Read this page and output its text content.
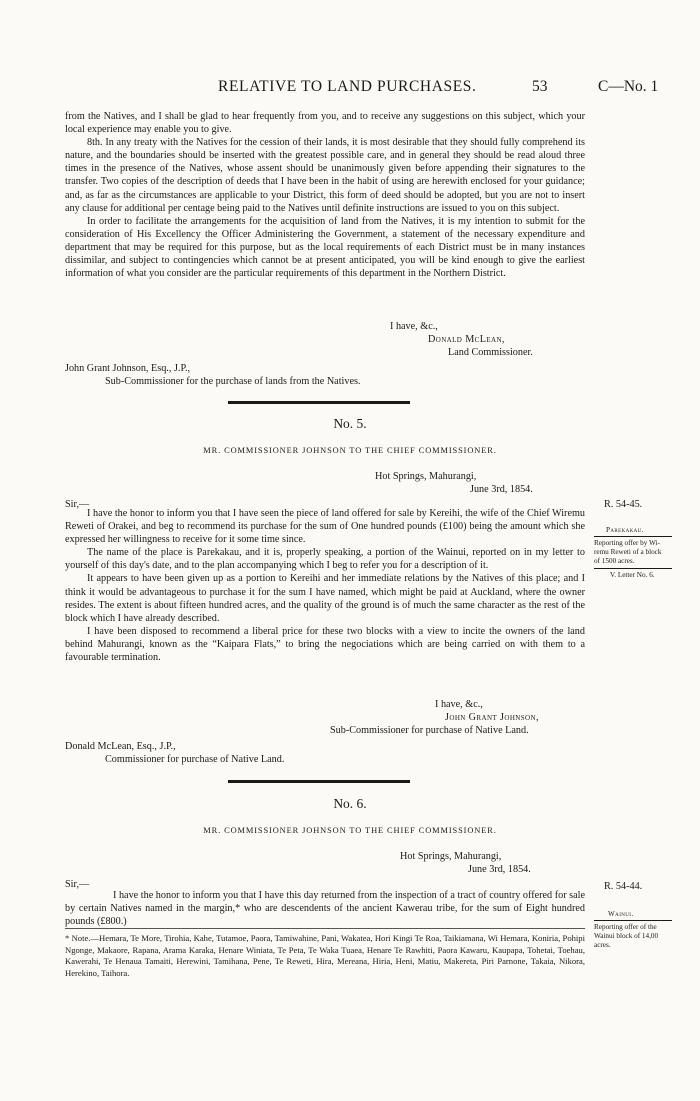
RELATIVE TO LAND PURCHASES.	53	C—No. 1

from the Natives, and I shall be glad to hear frequently from you, and to receive any suggestions on this subject, which your local experience may enable you to give.

8th. In any treaty with the Natives for the cession of their lands, it is most desirable that they should fully comprehend its nature, and the boundaries should be inserted with the greatest possible care, and in general they should be read aloud three times in the presence of the Natives, whose assent should be unanimously given before appending their signatures to the transfer. Two copies of the description of deeds that I have been in the habit of using are herewith enclosed for your guidance; and, as far as the circumstances are applicable to your District, this form of deed should be adopted, but you are not to insert any clause for additional per centage being paid to the Natives until definite instructions are issued to you on this subject.

In order to facilitate the arrangements for the acquisition of land from the Natives, it is my intention to submit for the consideration of His Excellency the Officer Administering the Government, a statement of the necessary expenditure and department that may be required for this purpose, but as the local requirements of each District must be in many instances dissimilar, and subject to contingencies which cannot be at present anticipated, you will be kind enough to give the earliest information of what you consider are the particular requirements of this department in the Northern District.

I have, &c.,
Donald McLean,
Land Commissioner.
John Grant Johnson, Esq., J.P.,
Sub-Commissioner for the purchase of lands from the Natives.
No. 5.
MR. COMMISSIONER JOHNSON TO THE CHIEF COMMISSIONER.
Hot Springs, Mahurangi,
June 3rd, 1854.
Sir,—

I have the honor to inform you that I have seen the piece of land offered for sale by Kereihi, the wife of the Chief Wiremu Reweti of Orakei, and beg to recommend its purchase for the sum of One hundred pounds (£100) being the amount which she expressed her willingness to receive for it some time since.

The name of the place is Parekakau, and it is, properly speaking, a portion of the Wainui, reported on in my letter to yourself of this day's date, and to the plan accompanying which I beg to refer you for a description of it.

It appears to have been given up as a portion to Kereihi and her immediate relations by the Natives of this place; and I think it would be advantageous to purchase it for the sum I have named, which might be paid at Auckland, where the owner resides. The extent is about fifteen hundred acres, and the quality of the ground is of much the same character as the rest of the block which I have already described.

I have been disposed to recommend a liberal price for these two blocks with a view to incite the owners of the land behind Mahurangi, known as the “Kaipara Flats,” to bring the negociations which are being carried on with them to a favourable termination.

I have, &c.,
John Grant Johnson,
Sub-Commissioner for purchase of Native Land.
Donald McLean, Esq., J.P.,
Commissioner for purchase of Native Land.
R. 54-45.
Parekakau.
Reporting offer by Wi-
remu Reweti of a block
of 1500 acres.
V. Letter No. 6.
No. 6.
MR. COMMISSIONER JOHNSON TO THE CHIEF COMMISSIONER.
Hot Springs, Mahurangi,
June 3rd, 1854.
Sir,—

I have the honor to inform you that I have this day returned from the inspection of a tract of country offered for sale by certain Natives named in the margin,* who are descendents of the ancient Kawerau tribe, for the sum of Eight hundred pounds (£800.)

R. 54-44.
Wainui.
Reporting offer of the
Wainui block of 14,00
acres.
* Note.—Hemara, Te More, Tirohia, Kahe, Tutamoe, Paora, Tamiwahine, Pani, Wakatea, Hori Kingi Te Roa, Taikiamana, Wi Hemara, Koniria, Pohipi Ngonge, Makaore, Rapana, Arama Karaka, Henare Winiata, Te Peta, Te Waka Tuaea, Henare Te Rawhiti, Paora Kawaru, Kaupapa, Tohetai, Toehau, Kawerahi, Te Henaua Tamaiti, Herewini, Tamihana, Pene, Te Reweti, Hira, Mereana, Hiria, Heni, Matiu, Makereta, Piri Parnone, Takaia, Nikora, Herekino, Taihora.
